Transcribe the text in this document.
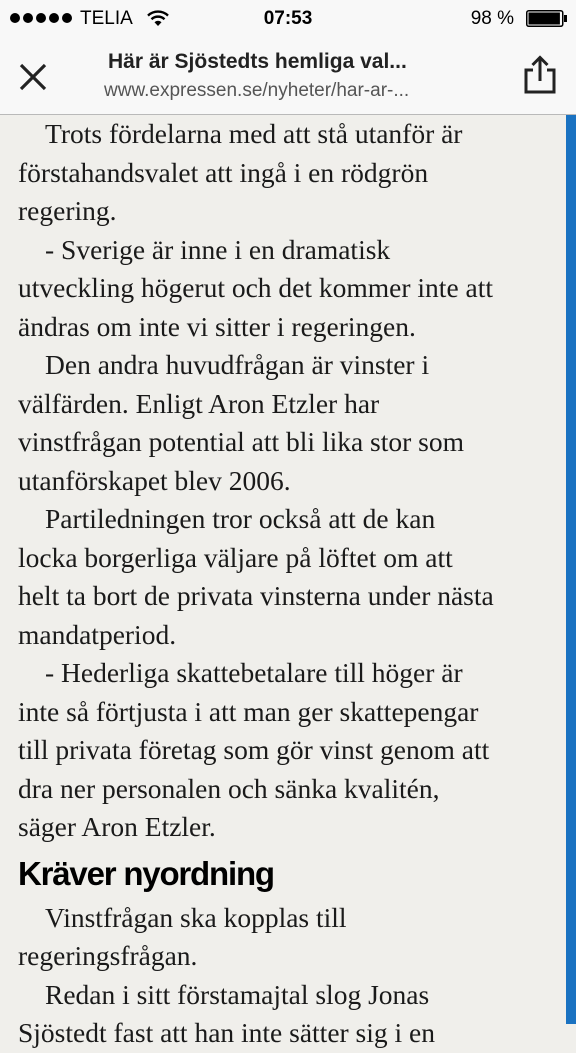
TELIA	07:53	98 %
Här är Sjöstedts hemliga val...
www.expressen.se/nyheter/har-ar-...

Trots fördelarna med att stå utanför är

förstahandsvalet att ingå i en rödgrön

regering.

- Sverige är inne i en dramatisk

utveckling högerut och det kommer inte att

ändras om inte vi sitter i regeringen.

Den andra huvudfrågan är vinster i

välfärden. Enligt Aron Etzler har

vinstfrågan potential att bli lika stor som

utanförskapet blev 2006.

Partiledningen tror också att de kan

locka borgerliga väljare på löftet om att

helt ta bort de privata vinsterna under nästa

mandatperiod.

- Hederliga skattebetalare till höger är

inte så förtjusta i att man ger skattepengar

till privata företag som gör vinst genom att

dra ner personalen och sänka kvalitén,

säger Aron Etzler.

Kräver nyordning

Vinstfrågan ska kopplas till

regeringsfrågan.

Redan i sitt förstamajtal slog Jonas

Sjöstedt fast att han inte sätter sig i en
